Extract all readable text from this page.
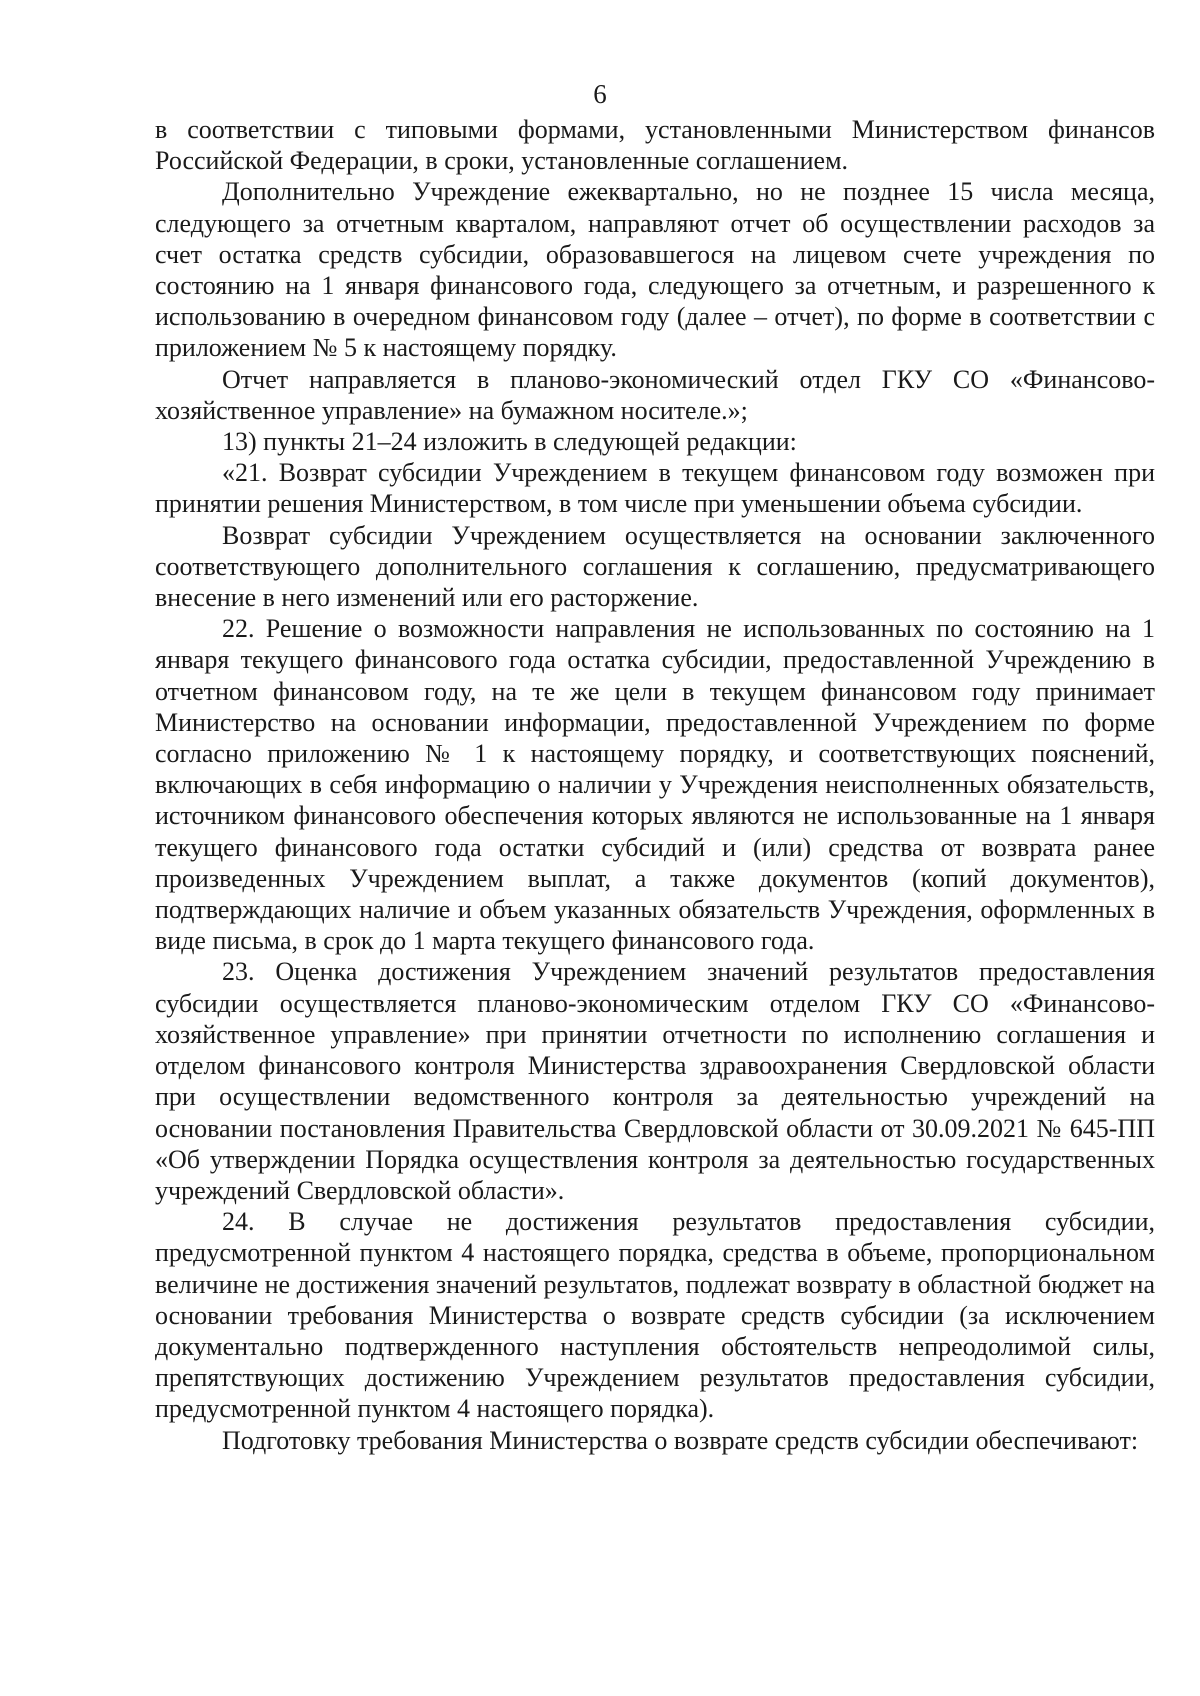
6

в соответствии с типовыми формами, установленными Министерством финансов Российской Федерации, в сроки, установленные соглашением.

Дополнительно Учреждение ежеквартально, но не позднее 15 числа месяца, следующего за отчетным кварталом, направляют отчет об осуществлении расходов за счет остатка средств субсидии, образовавшегося на лицевом счете учреждения по состоянию на 1 января финансового года, следующего за отчетным, и разрешенного к использованию в очередном финансовом году (далее – отчет), по форме в соответствии с приложением № 5 к настоящему порядку.

Отчет направляется в планово-экономический отдел ГКУ СО «Финансово-хозяйственное управление» на бумажном носителе.»;

13) пункты 21–24 изложить в следующей редакции:

«21. Возврат субсидии Учреждением в текущем финансовом году возможен при принятии решения Министерством, в том числе при уменьшении объема субсидии.

Возврат субсидии Учреждением осуществляется на основании заключенного соответствующего дополнительного соглашения к соглашению, предусматривающего внесение в него изменений или его расторжение.

22. Решение о возможности направления не использованных по состоянию на 1 января текущего финансового года остатка субсидии, предоставленной Учреждению в отчетном финансовом году, на те же цели в текущем финансовом году принимает Министерство на основании информации, предоставленной Учреждением по форме согласно приложению № 1 к настоящему порядку, и соответствующих пояснений, включающих в себя информацию о наличии у Учреждения неисполненных обязательств, источником финансового обеспечения которых являются не использованные на 1 января текущего финансового года остатки субсидий и (или) средства от возврата ранее произведенных Учреждением выплат, а также документов (копий документов), подтверждающих наличие и объем указанных обязательств Учреждения, оформленных в виде письма, в срок до 1 марта текущего финансового года.

23. Оценка достижения Учреждением значений результатов предоставления субсидии осуществляется планово-экономическим отделом ГКУ СО «Финансово-хозяйственное управление» при принятии отчетности по исполнению соглашения и отделом финансового контроля Министерства здравоохранения Свердловской области при осуществлении ведомственного контроля за деятельностью учреждений на основании постановления Правительства Свердловской области от 30.09.2021 № 645-ПП «Об утверждении Порядка осуществления контроля за деятельностью государственных учреждений Свердловской области».

24. В случае не достижения результатов предоставления субсидии, предусмотренной пунктом 4 настоящего порядка, средства в объеме, пропорциональном величине не достижения значений результатов, подлежат возврату в областной бюджет на основании требования Министерства о возврате средств субсидии (за исключением документально подтвержденного наступления обстоятельств непреодолимой силы, препятствующих достижению Учреждением результатов предоставления субсидии, предусмотренной пунктом 4 настоящего порядка).

Подготовку требования Министерства о возврате средств субсидии обеспечивают:
